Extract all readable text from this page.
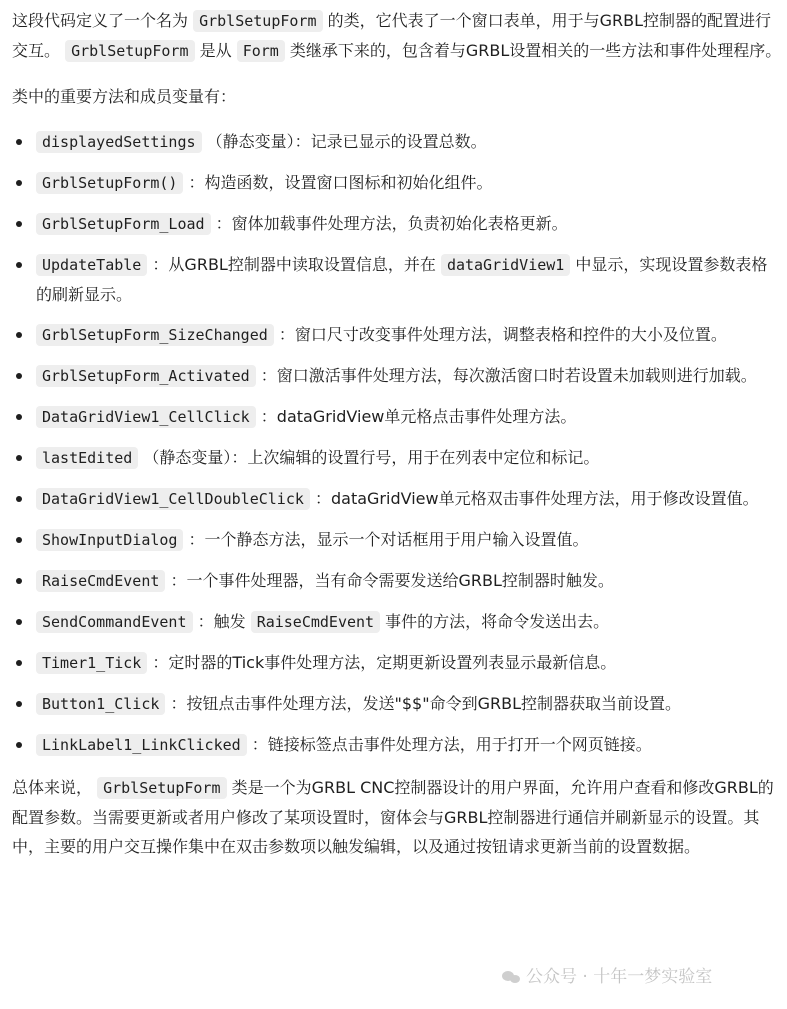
这段代码定义了一个名为 GrblSetupForm 的类，它代表了一个窗口表单，用于与GRBL控制器的配置进行交互。 GrblSetupForm 是从 Form 类继承下来的，包含着与GRBL设置相关的一些方法和事件处理程序。

类中的重要方法和成员变量有：

displayedSettings （静态变量）：记录已显示的设置总数。
GrblSetupForm() ：构造函数，设置窗口图标和初始化组件。
GrblSetupForm_Load ：窗体加载事件处理方法，负责初始化表格更新。
UpdateTable ：从GRBL控制器中读取设置信息，并在 dataGridView1 中显示，实现设置参数表格的刷新显示。
GrblSetupForm_SizeChanged ：窗口尺寸改变事件处理方法，调整表格和控件的大小及位置。
GrblSetupForm_Activated ：窗口激活事件处理方法，每次激活窗口时若设置未加载则进行加载。
DataGridView1_CellClick ：dataGridView单元格点击事件处理方法。
lastEdited （静态变量）：上次编辑的设置行号，用于在列表中定位和标记。
DataGridView1_CellDoubleClick ：dataGridView单元格双击事件处理方法，用于修改设置值。
ShowInputDialog ：一个静态方法，显示一个对话框用于用户输入设置值。
RaiseCmdEvent ：一个事件处理器，当有命令需要发送给GRBL控制器时触发。
SendCommandEvent ：触发 RaiseCmdEvent 事件的方法，将命令发送出去。
Timer1_Tick ：定时器的Tick事件处理方法，定期更新设置列表显示最新信息。
Button1_Click ：按钮点击事件处理方法，发送"$$"命令到GRBL控制器获取当前设置。
LinkLabel1_LinkClicked ：链接标签点击事件处理方法，用于打开一个网页链接。

总体来说， GrblSetupForm 类是一个为GRBL CNC控制器设计的用户界面，允许用户查看和修改GRBL的配置参数。当需要更新或者用户修改了某项设置时，窗体会与GRBL控制器进行通信并刷新显示的设置。其中，主要的用户交互操作集中在双击参数项以触发编辑，以及通过按钮请求更新当前的设置数据。

公众号 · 十年一梦实验室
